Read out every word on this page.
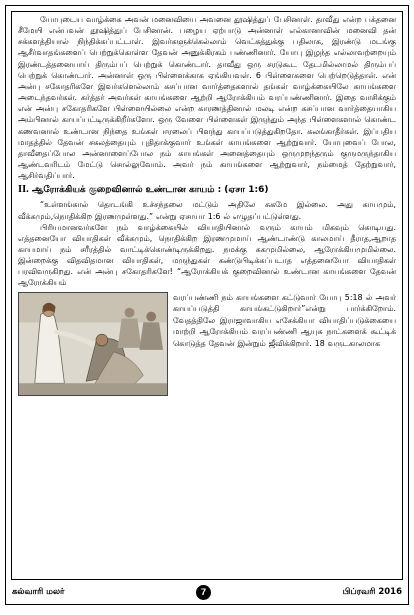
யோபுடைய வாழ்க்கை அவன் மனைவியை அவனை தூஷித்துப் பேசினாள். தாவீது என்ற பக்தனை சீமேயி என்பவன் தூஷித்துப் பேசினான். பழைய ஏற்பாடு அன்னாள் எல்கானாவின் மனைவி தன் சக்களத்தியால் நிந்திக்கப்பட்டாள். இவர்களுக்கெல்லாம் வெட்கத்துக்கு பதிலாக, இரண்டு மடங்கு ஆசீர்வாதங்களைப் பெற்றுக்கொள்ள தேவன் அனுக்கிரகம் பண்ணினார். யோபு இழந்த எல்லாவற்றையும் இரண்டத்தனையாய் திரும்பப் பெற்றுக் கொண்டார். தாவீது ஒரு சரடுகூட தேடமில்லாமல் திரும்பப் பெற்றுக் கொண்டார். அன்னாள் ஒரு பிள்ளைக்காக ஏங்கியவள். 6 பிள்ளைகளை பெற்றெடுத்தாள். என் அன்பு சகோதரிகளே இவர்களெல்லாம் கசப்பான வார்த்தைகளால் தங்கள் வாழ்க்கையிலே காயங்களை அடைந்தவர்கள். கர்த்தர் அவர்கள் காயங்களை ஆற்றி ஆரோக்கியம் வரப்பண்ணினார். இதை வாசிக்கும் என் அன்பு சகோதரிகளே பிள்ளையில்லை என்ற காரணத்தினால் மலடி என்ற கசப்பான வார்த்தையாகிய அம்பினால் காயப்பட்டிருக்கிறீர்களோ. ஒரு வேளை பிள்ளைகள் இருந்தும் அந்த பிள்ளைகளால் கொண்ட கணவனால் உண்டான நிந்தை உங்கள் ஈரலைப் பிளந்து காயப்படுத்துகிறதோ. கலங்காதீர்கள். இப்பதிய மாதத்தில் தேவன் சகலத்தையும் புதிதாக்குவார் உங்கள் காயங்களை ஆற்றுவார். யோபுவைப் போல, தாவீதைப்போல அன்னாளைப்போல நம் காயங்கள் அனைத்தையும் ஒருமுறந்தரும் குருமருந்தாகிய ஆண்டவரிடம் மேட்டு சொல்லுவோம். அவர் நம் காயங்களை ஆற்றுவார், நம்மைத் தேற்றுவார், ஆசிர்வதிப்பார்.

II. ஆரோக்கியக் குறைவினால் உண்டான காயம் : (ஏசா 1:6)

“உள்ளங்கால் தொடங்கி உச்சந்தலை மட்டும் அதிலே சுகமே இல்லை. அது காயமும், வீக்கமும்,நொதிக்கிற இரணமுள்ளது.” என்று ஏசாயா 1:6 ல் எழுதப்பட்டுள்ளது.

பிரியமானவர்களே நம் வாழ்க்கையில் வியாதியினால் வரும் காயம் மிகவும் கொடியது. எத்தனையோ வியாதிகள் வீக்கமும், நொதிக்கிற இரணமுமாய் ஆண்டாண்டு காலமாய் தீராத,ஆறாத காயமாய் நம் சரீரத்தில் வாட்டிக்கொண்டிருக்கிறது. நமக்கு சுகமுமில்லை, ஆரோக்கியமுமில்லை. இன்றைக்கு விதவிதமான வியாதிகள், மருந்துகள் கண்டுபிடிக்கப்படாத எத்தனையோ வியாதிகள் பரவிவருகிறது. என் அன்பு சகோதரிகளே! “ஆரோக்கியக் குறைவினால் உண்டான காயங்களை தேவன் ஆரோக்கியம்

வரப்பண்ணி நம் காயங்களை கட்டுவார் யோபு 5:18 ல் அவர் காயப்படுத்தி காயங்கட்டுகிறார்”என்று பார்க்கிறோம். வேதத்திலே இராஜாவாகிய எசேக்கியா வியாதிப்படுக்கையை மாற்றி ஆரோக்கியம் வரப்பண்ணி ஆயுசு நாட்களைக் கூட்டிக் கொடுத்த தேவன் இன்றும் ஜீவிக்கிறார். 18 வருடகாலமாக

கல்வாரி மலர்	7	பிப்ரவரி 2016
